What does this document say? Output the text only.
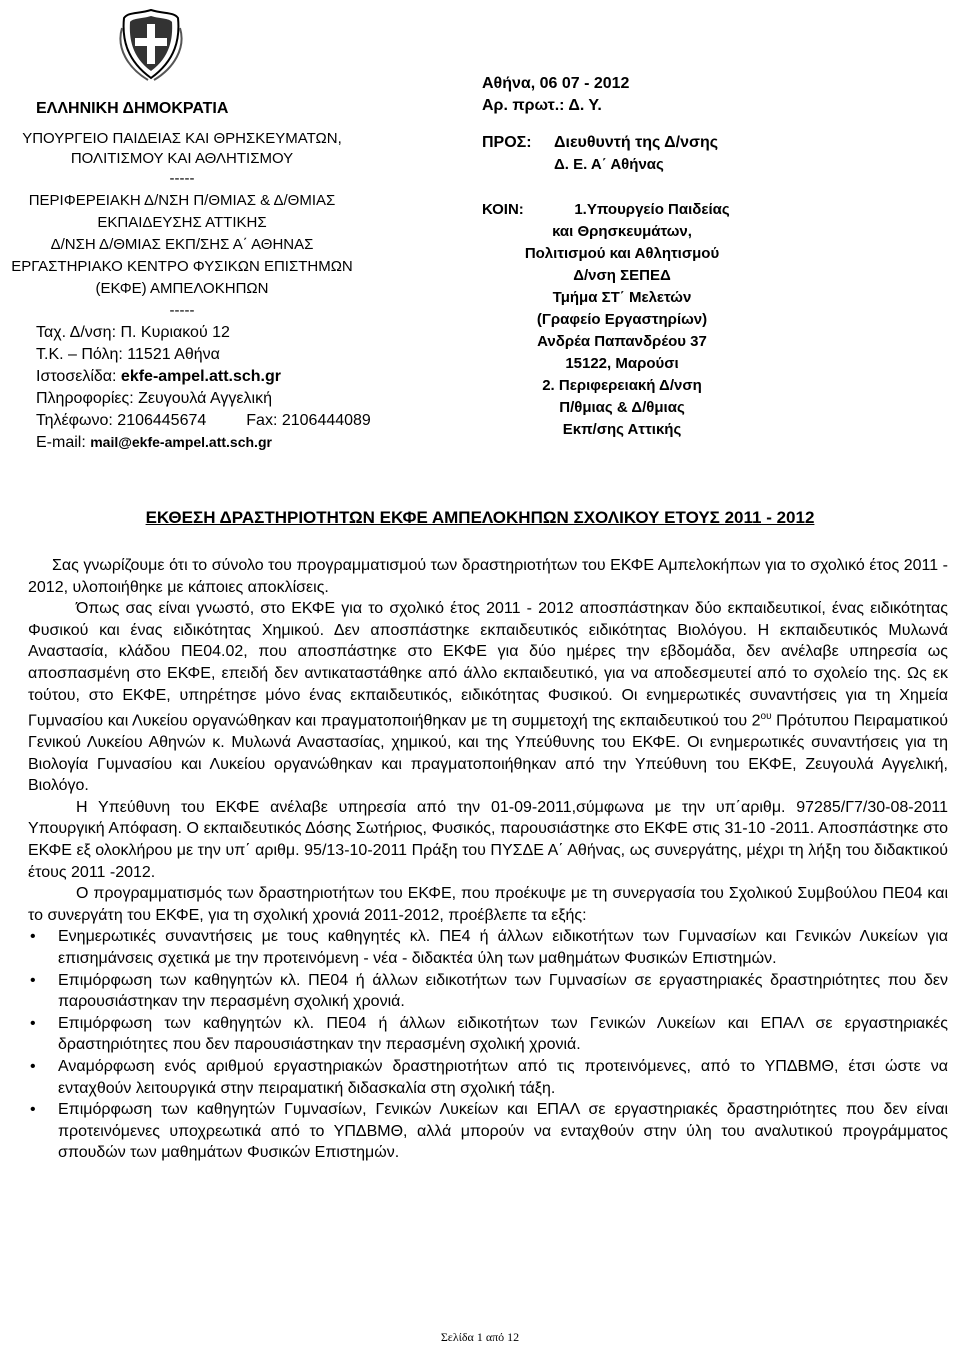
ΕΛΛΗΝΙΚΗ ΔΗΜΟΚΡΑΤΙΑ
ΥΠΟΥΡΓΕΙΟ ΠΑΙΔΕΙΑΣ ΚΑΙ ΘΡΗΣΚΕΥΜΑΤΩΝ,
ΠΟΛΙΤΙΣΜΟΥ ΚΑΙ ΑΘΛΗΤΙΣΜΟΥ
-----
ΠΕΡΙΦΕΡΕΙΑΚΗ Δ/ΝΣΗ Π/ΘΜΙΑΣ & Δ/ΘΜΙΑΣ
ΕΚΠΑΙΔΕΥΣΗΣ ΑΤΤΙΚΗΣ
Δ/ΝΣΗ Δ/ΘΜΙΑΣ ΕΚΠ/ΣΗΣ Α΄ ΑΘΗΝΑΣ
ΕΡΓΑΣΤΗΡΙΑΚΟ ΚΕΝΤΡΟ ΦΥΣΙΚΩΝ ΕΠΙΣΤΗΜΩΝ
(ΕΚΦΕ) ΑΜΠΕΛΟΚΗΠΩΝ
-----
Ταχ. Δ/νση: Π. Κυριακού 12
Τ.Κ. – Πόλη: 11521 Αθήνα
Ιστοσελίδα: ekfe-ampel.att.sch.gr
Πληροφορίες: Ζευγουλά Αγγελική
Τηλέφωνο: 2106445674	Fax: 2106444089
E-mail: mail@ekfe-ampel.att.sch.gr
Αθήνα, 06 07 - 2012
Αρ. πρωτ.: Δ. Υ.
ΠΡΟΣ: Διευθυντή της Δ/νσης
Δ. Ε. Α΄ Αθήνας
ΚΟΙΝ:	1.Υπουργείο Παιδείας
και Θρησκευμάτων,
Πολιτισμού και Αθλητισμού
Δ/νση ΣΕΠΕΔ
Τμήμα ΣΤ΄ Μελετών
(Γραφείο Εργαστηρίων)
Ανδρέα Παπανδρέου 37
15122, Μαρούσι
2. Περιφερειακή Δ/νση
Π/θμιας & Δ/θμιας
Εκπ/σης Αττικής
ΕΚΘΕΣΗ ΔΡΑΣΤΗΡΙΟΤΗΤΩΝ ΕΚΦΕ ΑΜΠΕΛΟΚΗΠΩΝ ΣΧΟΛΙΚΟΥ ΕΤΟΥΣ 2011 - 2012

Σας γνωρίζουμε ότι το σύνολο του προγραμματισμού των δραστηριοτήτων του ΕΚΦΕ Αμπελοκήπων για το σχολικό έτος 2011 - 2012, υλοποιήθηκε με κάποιες αποκλίσεις.

Όπως σας είναι γνωστό, στο ΕΚΦΕ για το σχολικό έτος 2011 - 2012 αποσπάστηκαν δύο εκπαιδευτικοί, ένας ειδικότητας Φυσικού και ένας ειδικότητας Χημικού. Δεν αποσπάστηκε εκπαιδευτικός ειδικότητας Βιολόγου. Η εκπαιδευτικός Μυλωνά Αναστασία, κλάδου ΠΕ04.02, που αποσπάστηκε στο ΕΚΦΕ για δύο ημέρες την εβδομάδα, δεν ανέλαβε υπηρεσία ως αποσπασμένη στο ΕΚΦΕ, επειδή δεν αντικαταστάθηκε από άλλο εκπαιδευτικό, για να αποδεσμευτεί από το σχολείο της. Ως εκ τούτου, στο ΕΚΦΕ, υπηρέτησε μόνο ένας εκπαιδευτικός, ειδικότητας Φυσικού. Οι ενημερωτικές συναντήσεις για τη Χημεία Γυμνασίου και Λυκείου οργανώθηκαν και πραγματοποιήθηκαν με τη συμμετοχή της εκπαιδευτικού του $2^{o\upsilon}$ Πρότυπου Πειραματικού Γενικού Λυκείου Αθηνών κ. Μυλωνά Αναστασίας, χημικού, και της Υπεύθυνης του ΕΚΦΕ. Οι ενημερωτικές συναντήσεις για τη Βιολογία Γυμνασίου και Λυκείου οργανώθηκαν και πραγματοποιήθηκαν από την Υπεύθυνη του ΕΚΦΕ, Ζευγουλά Αγγελική, Βιολόγο.

Η Υπεύθυνη του ΕΚΦΕ ανέλαβε υπηρεσία από την 01-09-2011,σύμφωνα με την υπ΄αριθμ. 97285/Γ7/30-08-2011 Υπουργική Απόφαση. Ο εκπαιδευτικός Δόσης Σωτήριος, Φυσικός, παρουσιάστηκε στο ΕΚΦΕ στις 31-10 -2011. Αποσπάστηκε στο ΕΚΦΕ εξ ολοκλήρου με την υπ΄ αριθμ. 95/13-10-2011 Πράξη του ΠΥΣΔΕ Α΄ Αθήνας, ως συνεργάτης, μέχρι τη λήξη του διδακτικού έτους 2011 -2012.

Ο προγραμματισμός των δραστηριοτήτων του ΕΚΦΕ, που προέκυψε με τη συνεργασία του Σχολικού Συμβούλου ΠΕ04 και το συνεργάτη του ΕΚΦΕ, για τη σχολική χρονιά 2011-2012, προέβλεπε τα εξής:

• Ενημερωτικές συναντήσεις με τους καθηγητές κλ. ΠΕ4 ή άλλων ειδικοτήτων των Γυμνασίων και Γενικών Λυκείων για επισημάνσεις σχετικά με την προτεινόμενη - νέα - διδακτέα ύλη των μαθημάτων Φυσικών Επιστημών.
• Επιμόρφωση των καθηγητών κλ. ΠΕ04 ή άλλων ειδικοτήτων των Γυμνασίων σε εργαστηριακές δραστηριότητες που δεν παρουσιάστηκαν την περασμένη σχολική χρονιά.
• Επιμόρφωση των καθηγητών κλ. ΠΕ04 ή άλλων ειδικοτήτων των Γενικών Λυκείων και ΕΠΑΛ σε εργαστηριακές δραστηριότητες που δεν παρουσιάστηκαν την περασμένη σχολική χρονιά.
• Αναμόρφωση ενός αριθμού εργαστηριακών δραστηριοτήτων από τις προτεινόμενες, από το ΥΠΔΒΜΘ, έτσι ώστε να ενταχθούν λειτουργικά στην πειραματική διδασκαλία στη σχολική τάξη.
• Επιμόρφωση των καθηγητών Γυμνασίων, Γενικών Λυκείων και ΕΠΑΛ σε εργαστηριακές δραστηριότητες που δεν είναι προτεινόμενες υποχρεωτικά από το ΥΠΔΒΜΘ, αλλά μπορούν να ενταχθούν στην ύλη του αναλυτικού προγράμματος σπουδών των μαθημάτων Φυσικών Επιστημών.
Σελίδα 1 από 12
